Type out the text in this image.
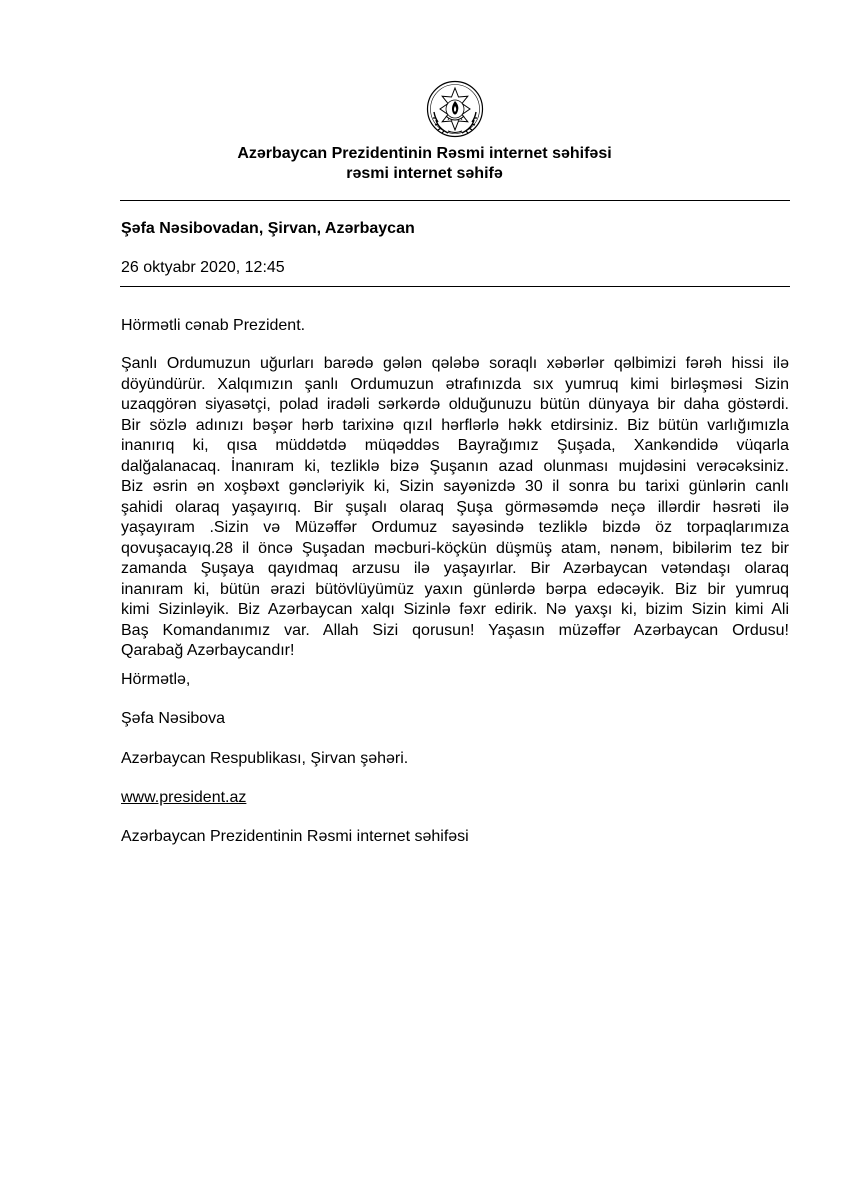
Azərbaycan Prezidentinin Rəsmi internet səhifəsi
rəsmi internet səhifə
Şəfa Nəsibovadan, Şirvan, Azərbaycan
26 oktyabr 2020, 12:45
Hörmətli cənab Prezident.
Şanlı Ordumuzun uğurları barədə gələn qələbə soraqlı xəbərlər qəlbimizi fərəh hissi ilə
döyündürür. Xalqımızın şanlı Ordumuzun ətrafınızda sıx yumruq kimi birləşməsi Sizin
uzaqgörən siyasətçi, polad iradəli sərkərdə olduğunuzu bütün dünyaya bir daha göstərdi.
Bir sözlə adınızı bəşər hərb tarixinə qızıl hərflərlə həkk etdirsiniz. Biz bütün varlığımızla
inanırıq ki, qısa müddətdə müqəddəs Bayrağımız Şuşada, Xankəndidə vüqarla
dalğalanacaq. İnanıram ki, tezliklə bizə Şuşanın azad olunması mujdəsini verəcəksiniz.
Biz əsrin ən xoşbəxt gəncləriyik ki, Sizin sayənizdə 30 il sonra bu tarixi günlərin canlı
şahidi olaraq yaşayırıq. Bir şuşalı olaraq Şuşa görməsəmdə neçə illərdir həsrəti ilə
yaşayıram .Sizin və Müzəffər Ordumuz sayəsində tezliklə bizdə öz torpaqlarımıza
qovuşacayıq.28 il öncə Şuşadan məcburi-köçkün düşmüş atam, nənəm, bibilərim tez bir
zamanda Şuşaya qayıdmaq arzusu ilə yaşayırlar. Bir Azərbaycan vətəndaşı olaraq
inanıram ki, bütün ərazi bütövlüyümüz yaxın günlərdə bərpa edəcəyik. Biz bir yumruq
kimi Sizinləyik. Biz Azərbaycan xalqı Sizinlə fəxr edirik. Nə yaxşı ki, bizim Sizin kimi Ali
Baş Komandanımız var. Allah Sizi qorusun! Yaşasın müzəffər Azərbaycan Ordusu!
Qarabağ Azərbaycandır!
Hörmətlə,
Şəfa Nəsibova
Azərbaycan Respublikası, Şirvan şəhəri.
www.president.az
Azərbaycan Prezidentinin Rəsmi internet səhifəsi
